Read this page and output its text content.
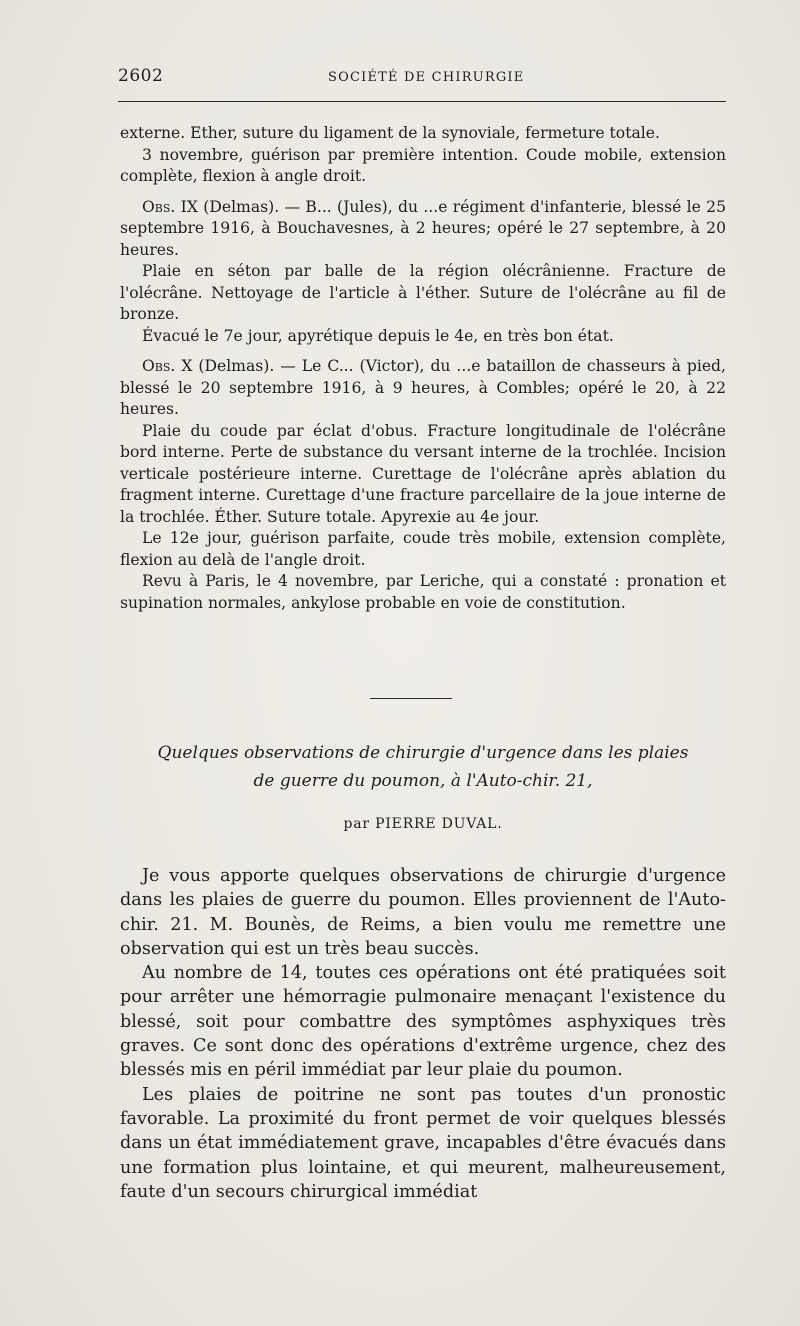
2602	SOCIÉTÉ DE CHIRURGIE

externe. Ether, suture du ligament de la synoviale, fermeture totale.

3 novembre, guérison par première intention. Coude mobile, extension complète, flexion à angle droit.

Obs. IX (Delmas). — B... (Jules), du ...e régiment d'infanterie, blessé le 25 septembre 1916, à Bouchavesnes, à 2 heures; opéré le 27 septembre, à 20 heures.

Plaie en séton par balle de la région olécrânienne. Fracture de l'olécrâne. Nettoyage de l'article à l'éther. Suture de l'olécrâne au fil de bronze.

Évacué le 7e jour, apyrétique depuis le 4e, en très bon état.

Obs. X (Delmas). — Le C... (Victor), du ...e bataillon de chasseurs à pied, blessé le 20 septembre 1916, à 9 heures, à Combles; opéré le 20, à 22 heures.

Plaie du coude par éclat d'obus. Fracture longitudinale de l'olécrâne bord interne. Perte de substance du versant interne de la trochlée. Incision verticale postérieure interne. Curettage de l'olécrâne après ablation du fragment interne. Curettage d'une fracture parcellaire de la joue interne de la trochlée. Éther. Suture totale. Apyrexie au 4e jour.

Le 12e jour, guérison parfaite, coude très mobile, extension complète, flexion au delà de l'angle droit.

Revu à Paris, le 4 novembre, par Leriche, qui a constaté : pronation et supination normales, ankylose probable en voie de constitution.

Quelques observations de chirurgie d'urgence dans les plaies
de guerre du poumon, à l'Auto-chir. 21,
par PIERRE DUVAL.

Je vous apporte quelques observations de chirurgie d'urgence dans les plaies de guerre du poumon. Elles proviennent de l'Auto-chir. 21. M. Bounès, de Reims, a bien voulu me remettre une observation qui est un très beau succès.

Au nombre de 14, toutes ces opérations ont été pratiquées soit pour arrêter une hémorragie pulmonaire menaçant l'existence du blessé, soit pour combattre des symptômes asphyxiques très graves. Ce sont donc des opérations d'extrême urgence, chez des blessés mis en péril immédiat par leur plaie du poumon.

Les plaies de poitrine ne sont pas toutes d'un pronostic favorable. La proximité du front permet de voir quelques blessés dans un état immédiatement grave, incapables d'être évacués dans une formation plus lointaine, et qui meurent, malheureusement, faute d'un secours chirurgical immédiat
